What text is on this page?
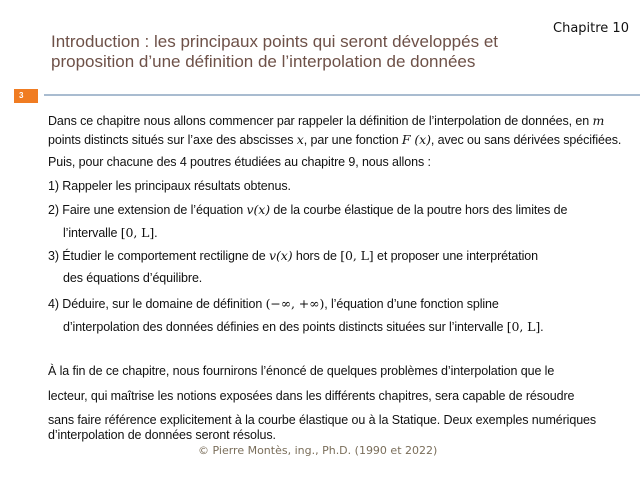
Chapitre 10
Introduction : les principaux points qui seront développés et
proposition d’une définition de l’interpolation de données
3
Dans ce chapitre nous allons commencer par rappeler la définition de l’interpolation de données, en m
points distincts situés sur l’axe des abscisses x, par une fonction F (x), avec ou sans dérivées spécifiées.
Puis, pour chacune des 4 poutres étudiées au chapitre 9, nous allons :
1) Rappeler les principaux résultats obtenus.
2) Faire une extension de l’équation v(x) de la courbe élastique de la poutre hors des limites de
l’intervalle [0, L].
3) Étudier le comportement rectiligne de v(x) hors de [0, L] et proposer une interprétation
des équations d’équilibre.
4) Déduire, sur le domaine de définition (−∞, +∞), l’équation d’une fonction spline
d’interpolation des données définies en des points distincts situées sur l’intervalle [0, L].
À la fin de ce chapitre, nous fournirons l’énoncé de quelques problèmes d’interpolation que le
lecteur, qui maîtrise les notions exposées dans les différents chapitres, sera capable de résoudre
sans faire référence explicitement à la courbe élastique ou à la Statique. Deux exemples numériques
d’interpolation de données seront résolus.
© Pierre Montès, ing., Ph.D. (1990 et 2022)
